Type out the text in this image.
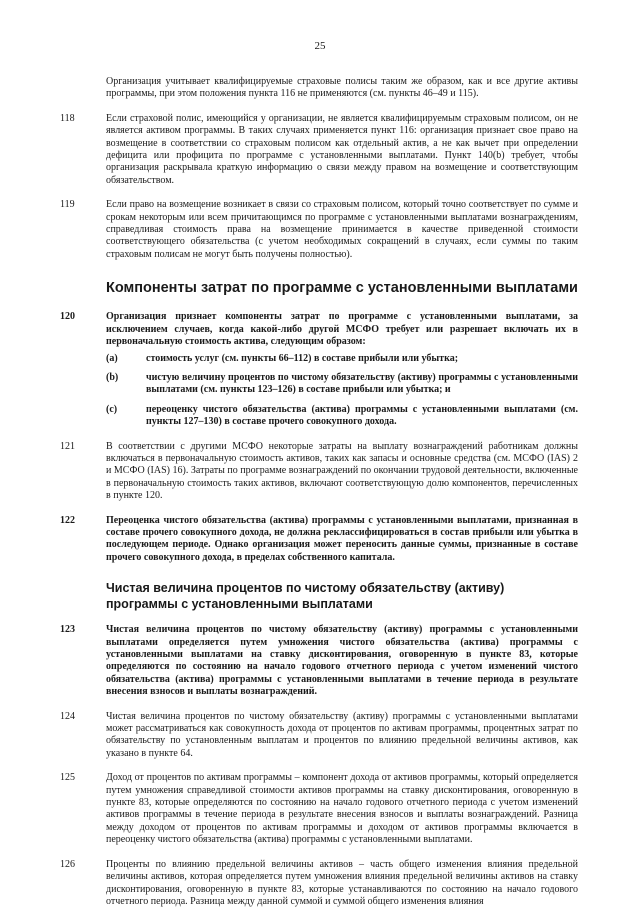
25
Организация учитывает квалифицируемые страховые полисы таким же образом, как и все другие активы программы, при этом положения пункта 116 не применяются (см. пункты 46–49 и 115).
118	Если страховой полис, имеющийся у организации, не является квалифицируемым страховым полисом, он не является активом программы. В таких случаях применяется пункт 116: организация признает свое право на возмещение в соответствии со страховым полисом как отдельный актив, а не как вычет при определении дефицита или профицита по программе с установленными выплатами. Пункт 140(b) требует, чтобы организация раскрывала краткую информацию о связи между правом на возмещение и соответствующим обязательством.
119	Если право на возмещение возникает в связи со страховым полисом, который точно соответствует по сумме и срокам некоторым или всем причитающимся по программе с установленными выплатами вознаграждениям, справедливая стоимость права на возмещение принимается в качестве приведенной стоимости соответствующего обязательства (с учетом необходимых сокращений в случаях, если суммы по таким страховым полисам не могут быть получены полностью).
Компоненты затрат по программе с установленными выплатами
120	Организация признает компоненты затрат по программе с установленными выплатами, за исключением случаев, когда какой-либо другой МСФО требует или разрешает включать их в первоначальную стоимость актива, следующим образом:
(a)	стоимость услуг (см. пункты 66–112) в составе прибыли или убытка;
(b)	чистую величину процентов по чистому обязательству (активу) программы с установленными выплатами (см. пункты 123–126) в составе прибыли или убытка; и
(c)	переоценку чистого обязательства (актива) программы с установленными выплатами (см. пункты 127–130) в составе прочего совокупного дохода.
121	В соответствии с другими МСФО некоторые затраты на выплату вознаграждений работникам должны включаться в первоначальную стоимость активов, таких как запасы и основные средства (см. МСФО (IAS) 2 и МСФО (IAS) 16). Затраты по программе вознаграждений по окончании трудовой деятельности, включенные в первоначальную стоимость таких активов, включают соответствующую долю компонентов, перечисленных в пункте 120.
122	Переоценка чистого обязательства (актива) программы с установленными выплатами, признанная в составе прочего совокупного дохода, не должна реклассифицироваться в состав прибыли или убытка в последующем периоде. Однако организация может переносить данные суммы, признанные в составе прочего совокупного дохода, в пределах собственного капитала.
Чистая величина процентов по чистому обязательству (активу) программы с установленными выплатами
123	Чистая величина процентов по чистому обязательству (активу) программы с установленными выплатами определяется путем умножения чистого обязательства (актива) программы с установленными выплатами на ставку дисконтирования, оговоренную в пункте 83, которые определяются по состоянию на начало годового отчетного периода с учетом изменений чистого обязательства (актива) программы с установленными выплатами в течение периода в результате внесения взносов и выплаты вознаграждений.
124	Чистая величина процентов по чистому обязательству (активу) программы с установленными выплатами может рассматриваться как совокупность дохода от процентов по активам программы, процентных затрат по обязательству по установленным выплатам и процентов по влиянию предельной величины активов, как указано в пункте 64.
125	Доход от процентов по активам программы – компонент дохода от активов программы, который определяется путем умножения справедливой стоимости активов программы на ставку дисконтирования, оговоренную в пункте 83, которые определяются по состоянию на начало годового отчетного периода с учетом изменений активов программы в течение периода в результате внесения взносов и выплаты вознаграждений. Разница между доходом от процентов по активам программы и доходом от активов программы включается в переоценку чистого обязательства (актива) программы с установленными выплатами.
126	Проценты по влиянию предельной величины активов – часть общего изменения влияния предельной величины активов, которая определяется путем умножения влияния предельной величины активов на ставку дисконтирования, оговоренную в пункте 83, которые устанавливаются по состоянию на начало годового отчетного периода. Разница между данной суммой и суммой общего изменения влияния
